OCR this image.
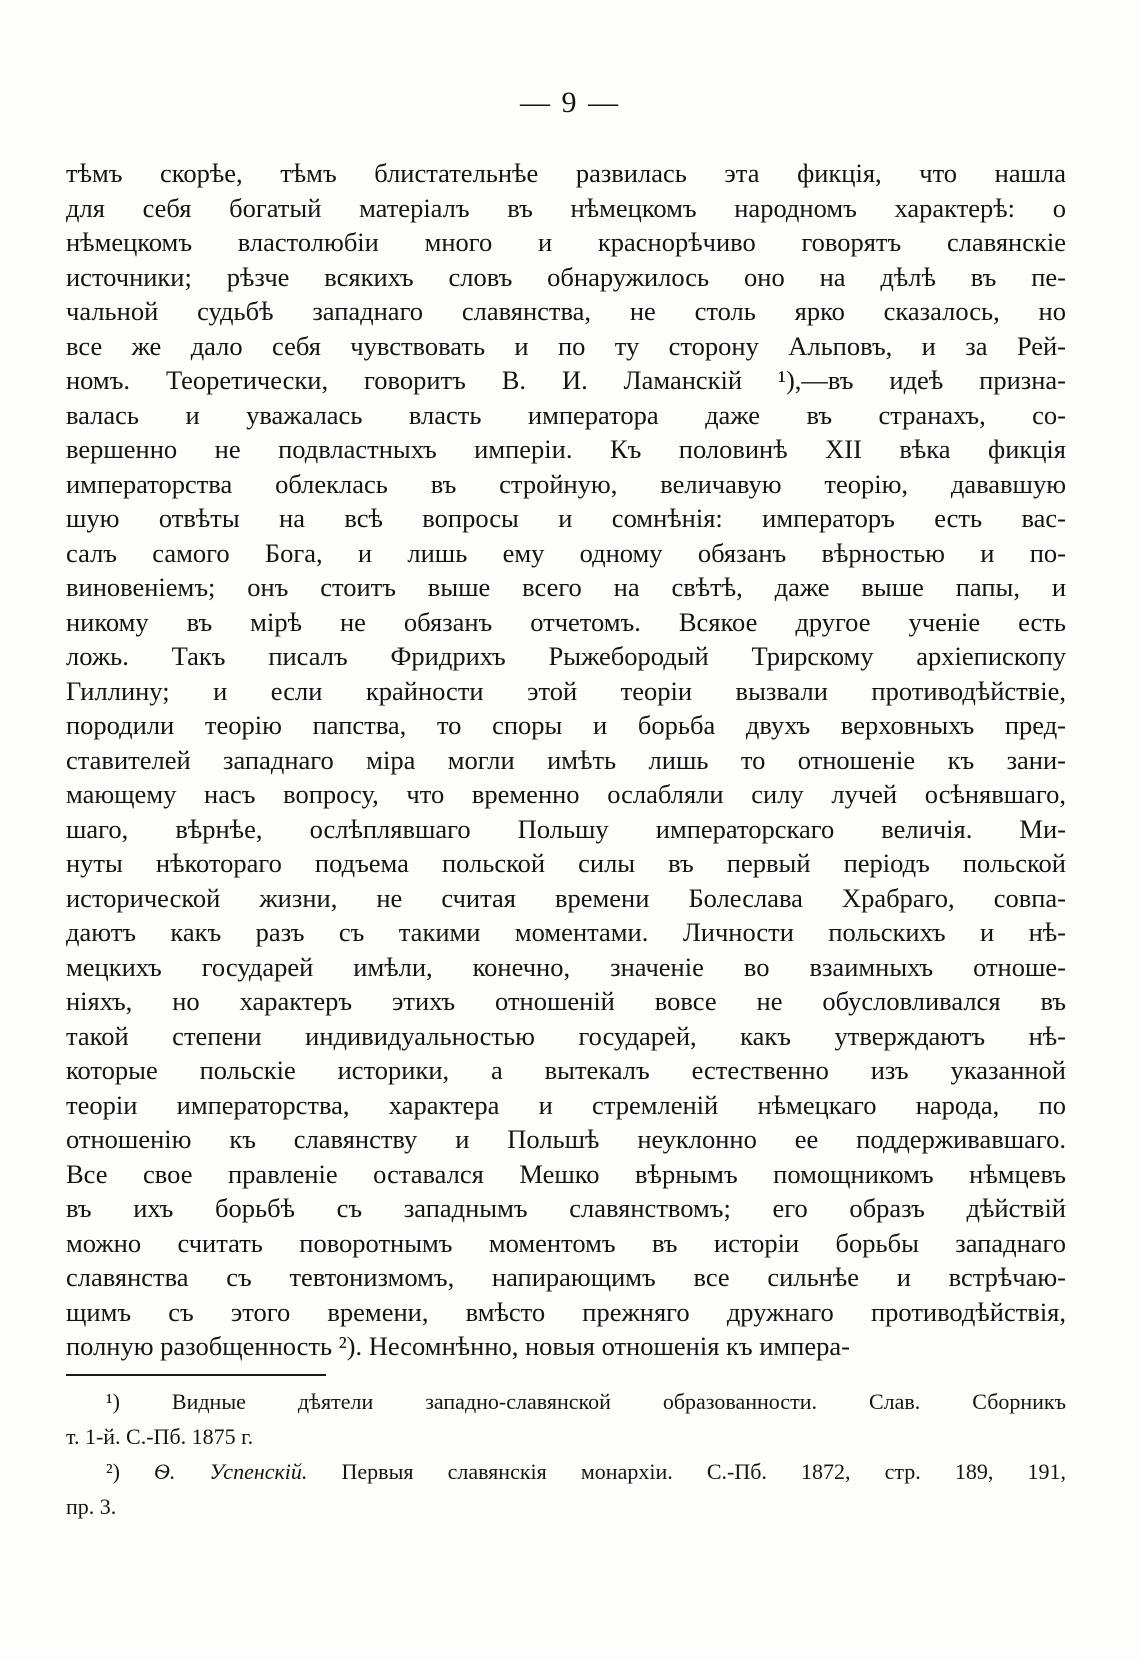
— 9 —
тѣмъ скорѣе, тѣмъ блистательнѣе развилась эта фикція, что нашла
для себя богатый матеріалъ въ нѣмецкомъ народномъ характерѣ: о
нѣмецкомъ властолюбіи много и краснорѣчиво говорятъ славянскіе
источники; рѣзче всякихъ словъ обнаружилось оно на дѣлѣ въ пе-
чальной судьбѣ западнаго славянства, не столь ярко сказалось, но
все же дало себя чувствовать и по ту сторону Альповъ, и за Рей-
номъ. Теоретически, говоритъ В. И. Ламанскій ¹),—въ идеѣ призна-
валась и уважалась власть императора даже въ странахъ, со-
вершенно не подвластныхъ имперіи. Къ половинѣ XII вѣка фикція
императорства облеклась въ стройную, величавую теорію, дававшую
шую отвѣты на всѣ вопросы и сомнѣнія: императоръ есть вас-
салъ самого Бога, и лишь ему одному обязанъ вѣрностью и по-
виновеніемъ; онъ стоитъ выше всего на свѣтѣ, даже выше папы, и
никому въ мірѣ не обязанъ отчетомъ. Всякое другое ученіе есть
ложь. Такъ писалъ Фридрихъ Рыжебородый Трирскому архіепископу
Гиллину; и если крайности этой теоріи вызвали противодѣйствіе,
породили теорію папства, то споры и борьба двухъ верховныхъ пред-
ставителей западнаго міра могли имѣть лишь то отношеніе къ зани-
мающему насъ вопросу, что временно ослабляли силу лучей осѣнявшаго,
шаго, вѣрнѣе, ослѣплявшаго Польшу императорскаго величія. Ми-
нуты нѣкотораго подъема польской силы въ первый періодъ польской
исторической жизни, не считая времени Болеслава Храбраго, совпа-
даютъ какъ разъ съ такими моментами. Личности польскихъ и нѣ-
мецкихъ государей имѣли, конечно, значеніе во взаимныхъ отноше-
ніяхъ, но характеръ этихъ отношеній вовсе не обусловливался въ
такой степени индивидуальностью государей, какъ утверждаютъ нѣ-
которые польскіе историки, а вытекалъ естественно изъ указанной
теоріи императорства, характера и стремленій нѣмецкаго народа, по
отношенію къ славянству и Польшѣ неуклонно ее поддерживавшаго.
Все свое правленіе оставался Мешко вѣрнымъ помощникомъ нѣмцевъ
въ ихъ борьбѣ съ западнымъ славянствомъ; его образъ дѣйствій
можно считать поворотнымъ моментомъ въ исторіи борьбы западнаго
славянства съ тевтонизмомъ, напирающимъ все сильнѣе и встрѣчаю-
щимъ съ этого времени, вмѣсто прежняго дружнаго противодѣйствія,
полную разобщенность ²). Несомнѣнно, новыя отношенія къ импера-
¹) Видные дѣятели западно-славянской образованности. Слав. Сборникъ
т. 1-й. С.-Пб. 1875 г.
²) Ѳ. Успенскій. Первыя славянскія монархіи. С.-Пб. 1872, стр. 189, 191,
пр. 3.
